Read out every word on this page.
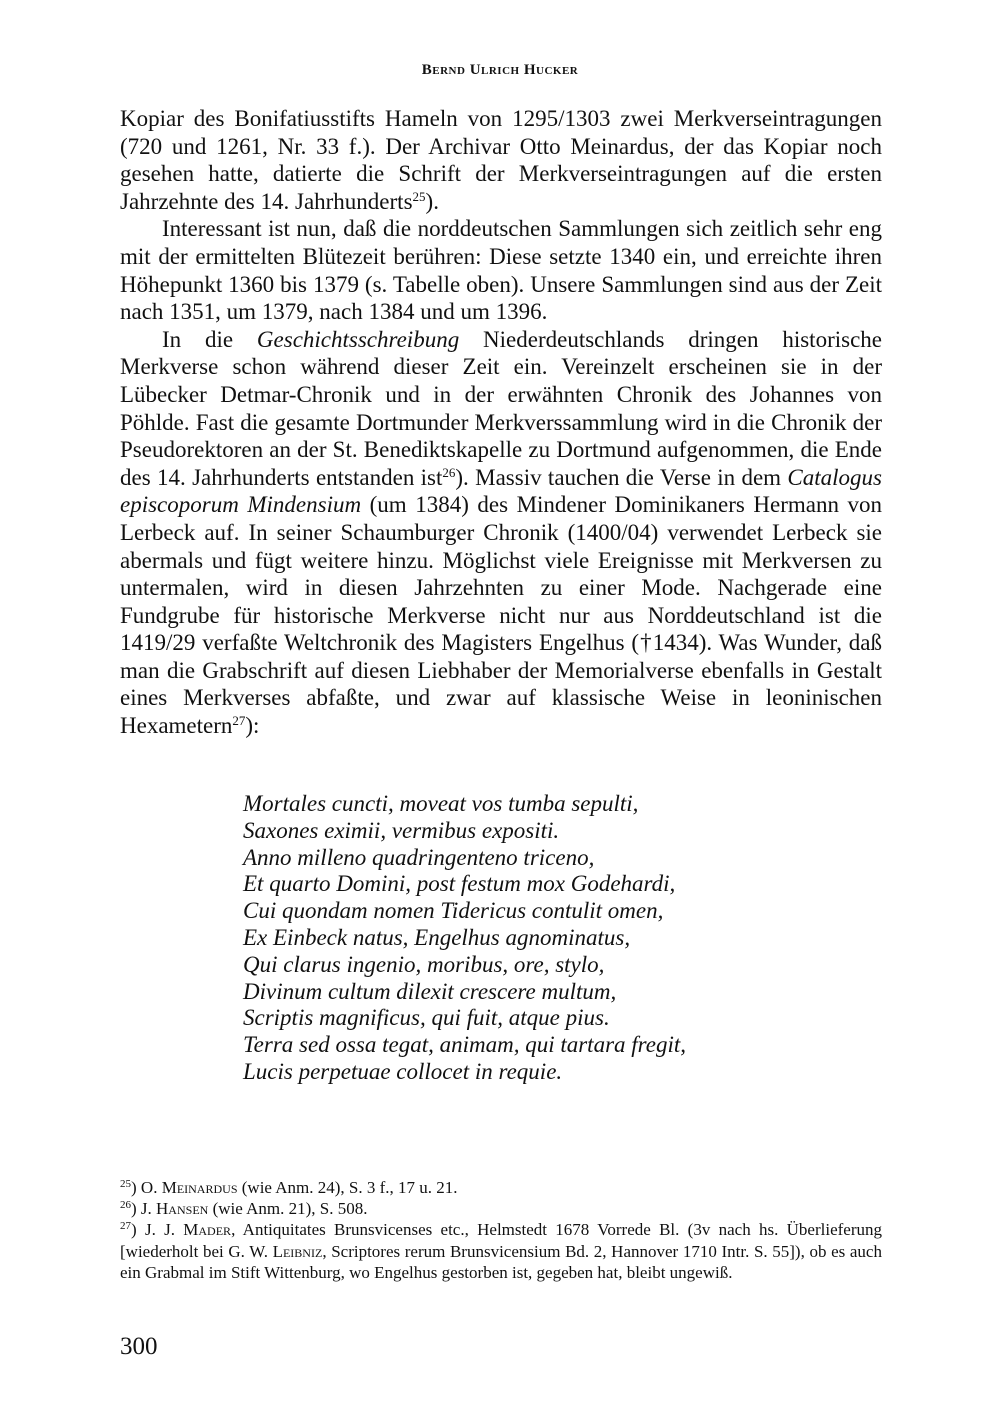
Bernd Ulrich Hucker

Kopiar des Bonifatiusstifts Hameln von 1295/1303 zwei Merkverseintragungen (720 und 1261, Nr. 33 f.). Der Archivar Otto Meinardus, der das Kopiar noch gesehen hatte, datierte die Schrift der Merkverseintragungen auf die ersten Jahrzehnte des 14. Jahrhunderts$^{25}$).

Interessant ist nun, daß die norddeutschen Sammlungen sich zeitlich sehr eng mit der ermittelten Blütezeit berühren: Diese setzte 1340 ein, und erreichte ihren Höhepunkt 1360 bis 1379 (s. Tabelle oben). Unsere Sammlungen sind aus der Zeit nach 1351, um 1379, nach 1384 und um 1396.

In die Geschichtsschreibung Niederdeutschlands dringen historische Merkverse schon während dieser Zeit ein. Vereinzelt erscheinen sie in der Lübecker Detmar-Chronik und in der erwähnten Chronik des Johannes von Pöhlde. Fast die gesamte Dortmunder Merkverssammlung wird in die Chronik der Pseudorektoren an der St. Benediktskapelle zu Dortmund aufgenommen, die Ende des 14. Jahrhunderts entstanden ist$^{26}$). Massiv tauchen die Verse in dem Catalogus episcoporum Mindensium (um 1384) des Mindener Dominikaners Hermann von Lerbeck auf. In seiner Schaumburger Chronik (1400/04) verwendet Lerbeck sie abermals und fügt weitere hinzu. Möglichst viele Ereignisse mit Merkversen zu untermalen, wird in diesen Jahrzehnten zu einer Mode. Nachgerade eine Fundgrube für historische Merkverse nicht nur aus Norddeutschland ist die 1419/29 verfaßte Weltchronik des Magisters Engelhus (†1434). Was Wunder, daß man die Grabschrift auf diesen Liebhaber der Memorialverse ebenfalls in Gestalt eines Merkverses abfaßte, und zwar auf klassische Weise in leoninischen Hexametern$^{27}$):

Mortales cuncti, moveat vos tumba sepulti,
Saxones eximii, vermibus expositi.
Anno milleno quadringenteno triceno,
Et quarto Domini, post festum mox Godehardi,
Cui quondam nomen Tidericus contulit omen,
Ex Einbeck natus, Engelhus agnominatus,
Qui clarus ingenio, moribus, ore, stylo,
Divinum cultum dilexit crescere multum,
Scriptis magnificus, qui fuit, atque pius.
Terra sed ossa tegat, animam, qui tartara fregit,
Lucis perpetuae collocet in requie.

$^{25}$) O. Meinardus (wie Anm. 24), S. 3 f., 17 u. 21.

$^{26}$) J. Hansen (wie Anm. 21), S. 508.

$^{27}$) J. J. Mader, Antiquitates Brunsvicenses etc., Helmstedt 1678 Vorrede Bl. (3v nach hs. Überlieferung [wiederholt bei G. W. Leibniz, Scriptores rerum Brunsvicensium Bd. 2, Hannover 1710 Intr. S. 55]), ob es auch ein Grabmal im Stift Wittenburg, wo Engelhus gestorben ist, gegeben hat, bleibt ungewiß.

300
